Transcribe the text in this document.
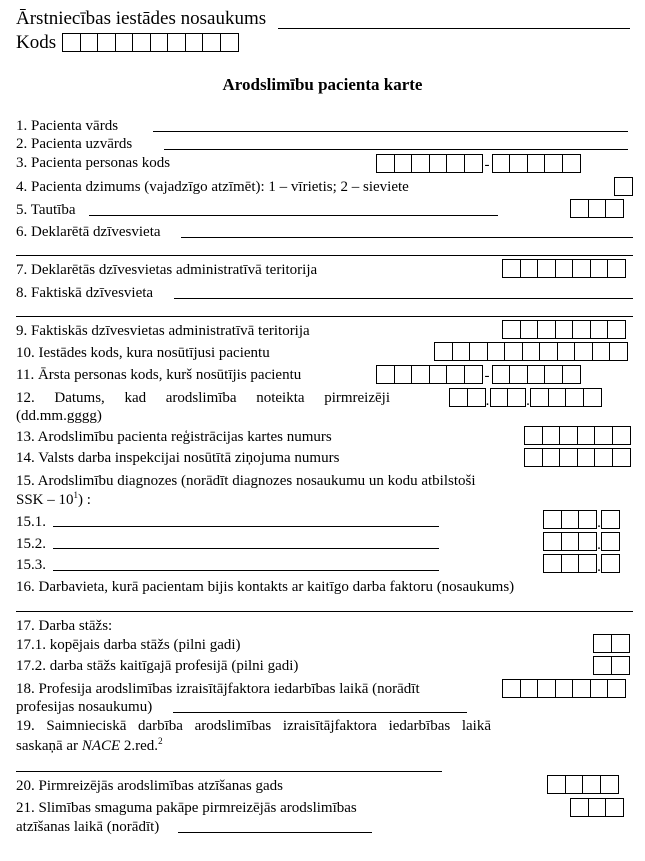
Ārstniecības iestādes nosaukums
Kods
Arodslimību pacienta karte
1. Pacienta vārds
2. Pacienta uzvārds
3. Pacienta personas kods	-
4. Pacienta dzimums (vajadzīgo atzīmēt): 1 – vīrietis; 2 – sieviete
5. Tautība
6. Deklarētā dzīvesvieta
7. Deklarētās dzīvesvietas administratīvā teritorija
8. Faktiskā dzīvesvieta
9. Faktiskās dzīvesvietas administratīvā teritorija
10. Iestādes kods, kura nosūtījusi pacientu
11. Ārsta personas kods, kurš nosūtījis pacientu	-
12. Datums, kad arodslimība noteikta pirmreizēji
(dd.mm.gggg)
. .
13. Arodslimību pacienta reģistrācijas kartes numurs
14. Valsts darba inspekcijai nosūtītā ziņojuma numurs
15. Arodslimību diagnozes (norādīt diagnozes nosaukumu un kodu atbilstoši
SSK – $10^1$) :
15.1.	.
15.2.	.
15.3.	.
16. Darbavieta, kurā pacientam bijis kontakts ar kaitīgo darba faktoru (nosaukums)
17. Darba stāžs:
17.1. kopējais darba stāžs (pilni gadi)
17.2. darba stāžs kaitīgajā profesijā (pilni gadi)
18. Profesija arodslimības izraisītājfaktora iedarbības laikā (norādīt
profesijas nosaukumu)
19. Saimnieciskā darbība arodslimības izraisītājfaktora iedarbības laikā
saskaņā ar NACE 2.red.$^2$
20. Pirmreizējās arodslimības atzīšanas gads
21. Slimības smaguma pakāpe pirmreizējās arodslimības
atzīšanas laikā (norādīt)
